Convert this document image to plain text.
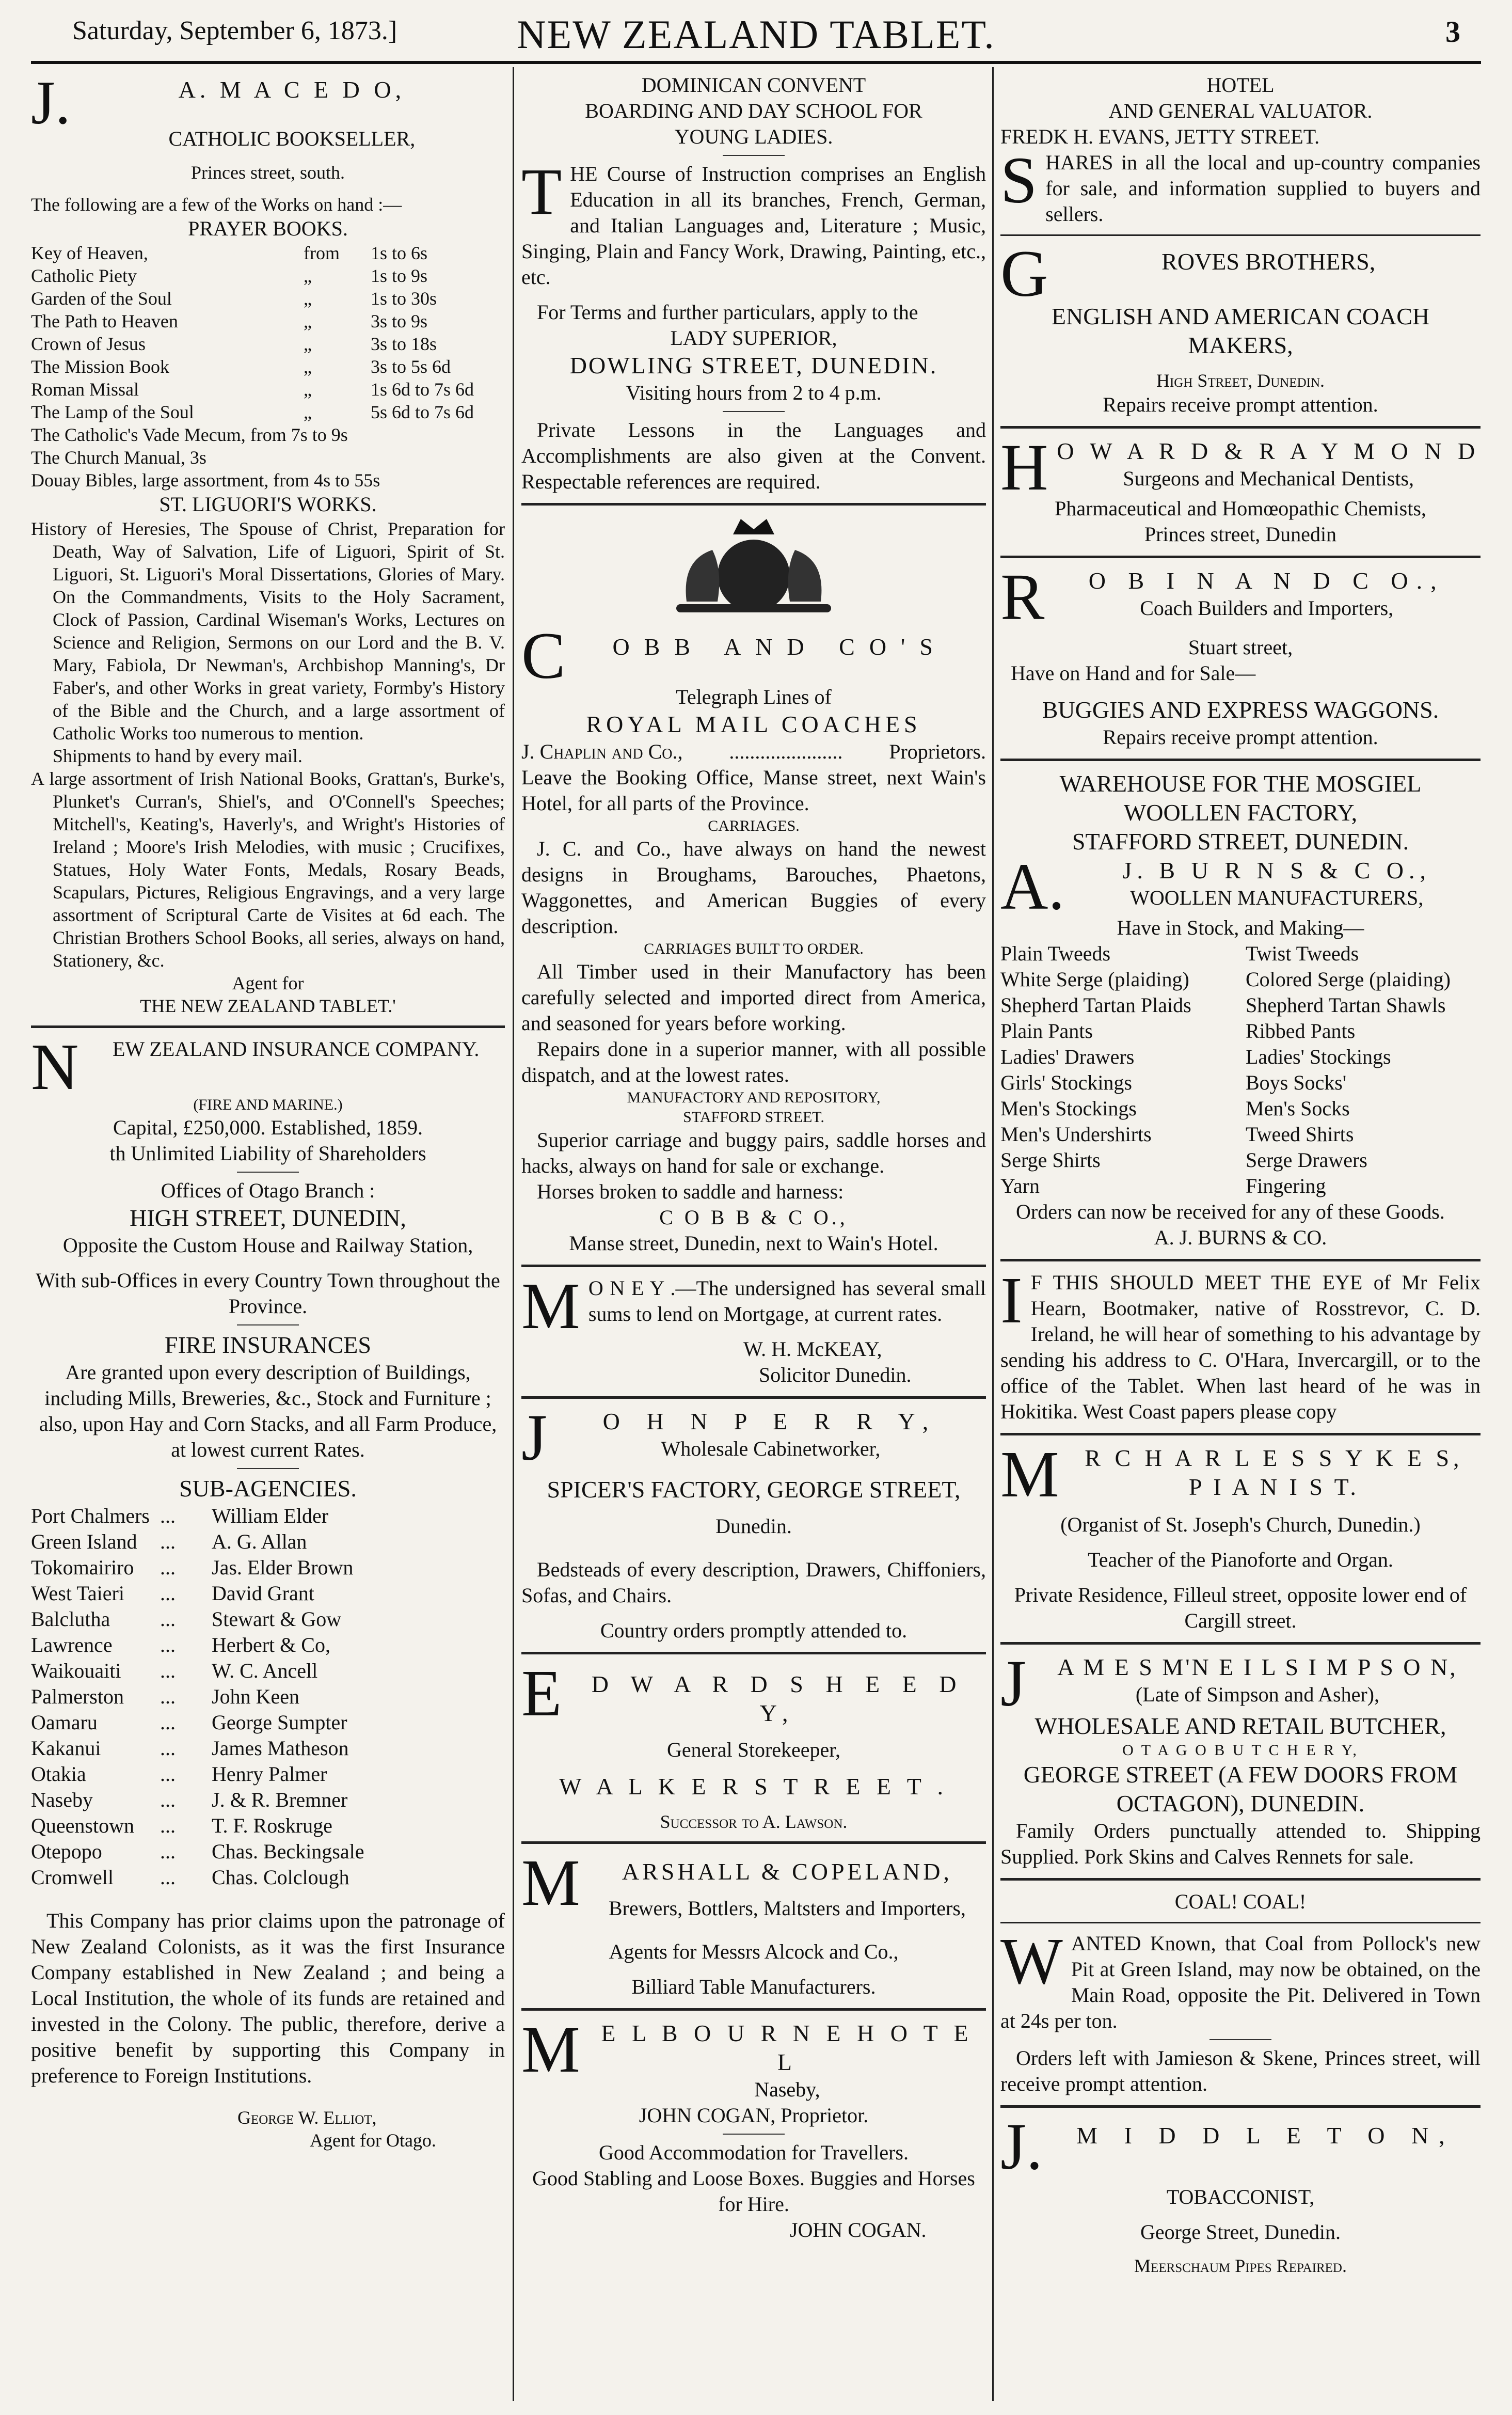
Saturday, September 6, 1873.]	NEW ZEALAND TABLET.	3
J.	A. M A C E D O,
CATHOLIC BOOKSELLER,
Princes street, south.

The following are a few of the Works on hand :—

PRAYER BOOKS.
Key of Heaven,	from	1s to 6s
Catholic Piety	„	1s to 9s
Garden of the Soul	„	1s to 30s
The Path to Heaven	„	3s to 9s
Crown of Jesus	„	3s to 18s
The Mission Book	„	3s to 5s 6d
Roman Missal	„	1s 6d to 7s 6d
The Lamp of the Soul	„	5s 6d to 7s 6d

The Catholic's Vade Mecum, from 7s to 9s

The Church Manual, 3s

Douay Bibles, large assortment, from 4s to 55s

ST. LIGUORI'S WORKS.

History of Heresies, The Spouse of Christ, Preparation for Death, Way of Salvation, Life of Liguori, Spirit of St. Liguori, St. Liguori's Moral Dissertations, Glories of Mary. On the Commandments, Visits to the Holy Sacrament, Clock of Passion, Cardinal Wiseman's Works, Lectures on Science and Religion, Sermons on our Lord and the B. V. Mary, Fabiola, Dr Newman's, Archbishop Manning's, Dr Faber's, and other Works in great variety, Formby's History of the Bible and the Church, and a large assortment of Catholic Works too numerous to mention.

Shipments to hand by every mail.

A large assortment of Irish National Books, Grattan's, Burke's, Plunket's Curran's, Shiel's, and O'Connell's Speeches; Mitchell's, Keating's, Haverly's, and Wright's Histories of Ireland ; Moore's Irish Melodies, with music ; Crucifixes, Statues, Holy Water Fonts, Medals, Rosary Beads, Scapulars, Pictures, Religious Engravings, and a very large assortment of Scriptural Carte de Visites at 6d each. The Christian Brothers School Books, all series, always on hand, Stationery, &c.

Agent for
THE NEW ZEALAND TABLET.'
N	EW ZEALAND INSURANCE COMPANY.
(FIRE AND MARINE.)
Capital, £250,000. Established, 1859.
th Unlimited Liability of Shareholders
Offices of Otago Branch :
HIGH STREET, DUNEDIN,
Opposite the Custom House and Railway Station,
With sub-Offices in every Country Town throughout the Province.
FIRE INSURANCES
Are granted upon every description of Buildings, including Mills, Breweries, &c., Stock and Furniture ; also, upon Hay and Corn Stacks, and all Farm Produce, at lowest current Rates.
SUB-AGENCIES.
Port Chalmers ...	William Elder
Green Island	...	A. G. Allan
Tokomairiro	...	Jas. Elder Brown
West Taieri	...	David Grant
Balclutha	...	Stewart & Gow
Lawrence	...	Herbert & Co,
Waikouaiti	...	W. C. Ancell
Palmerston	...	John Keen
Oamaru	...	George Sumpter
Kakanui	...	James Matheson
Otakia	...	Henry Palmer
Naseby	...	J. & R. Bremner
Queenstown	...	T. F. Roskruge
Otepopo	...	Chas. Beckingsale
Cromwell	...	Chas. Colclough

This Company has prior claims upon the patronage of New Zealand Colonists, as it was the first Insurance Company established in New Zealand ; and being a Local Institution, the whole of its funds are retained and invested in the Colony. The public, therefore, derive a positive benefit by supporting this Company in preference to Foreign Institutions.

George W. Elliot,
Agent for Otago.
DOMINICAN CONVENT
BOARDING AND DAY SCHOOL FOR
YOUNG LADIES.

THE Course of Instruction comprises an English Education in all its branches, French, German, and Italian Languages and, Literature ; Music, Singing, Plain and Fancy Work, Drawing, Painting, etc., etc.

For Terms and further particulars, apply to the

LADY SUPERIOR,
DOWLING STREET, DUNEDIN.
Visiting hours from 2 to 4 p.m.

Private Lessons in the Languages and Accomplishments are also given at the Convent. Respectable references are required.

C	OBB AND CO'S
Telegraph Lines of
ROYAL MAIL COACHES
J. Chaplin and Co., ...................... Proprietors.

Leave the Booking Office, Manse street, next Wain's Hotel, for all parts of the Province.

CARRIAGES.

J. C. and Co., have always on hand the newest designs in Broughams, Barouches, Phaetons, Waggonettes, and American Buggies of every description.

CARRIAGES BUILT TO ORDER.

All Timber used in their Manufactory has been carefully selected and imported direct from America, and seasoned for years before working.

Repairs done in a superior manner, with all possible dispatch, and at the lowest rates.

MANUFACTORY AND REPOSITORY,
STAFFORD STREET.

Superior carriage and buggy pairs, saddle horses and hacks, always on hand for sale or exchange.

Horses broken to saddle and harness:

C O B B & C O.,
Manse street, Dunedin, next to Wain's Hotel.

M O N E Y .—The undersigned has several small sums to lend on Mortgage, at current rates.

W. H. McKEAY,
Solicitor Dunedin.
J	O H N P E R R Y,
Wholesale Cabinetworker,
SPICER'S FACTORY, GEORGE STREET,
Dunedin.

Bedsteads of every description, Drawers, Chiffoniers, Sofas, and Chairs.

Country orders promptly attended to.
E	D W A R D S H E E D Y,
General Storekeeper,
W A L K E R S T R E E T .
Successor to A. Lawson.
M	ARSHALL & COPELAND,
Brewers, Bottlers, Maltsters and Importers,
Agents for Messrs Alcock and Co.,
Billiard Table Manufacturers.
M E L B O U R N E H O T E L
Naseby,
JOHN COGAN, Proprietor.
Good Accommodation for Travellers.
Good Stabling and Loose Boxes. Buggies and Horses for Hire.
JOHN COGAN.
HOTEL
AND GENERAL VALUATOR.
FREDK H. EVANS, JETTY STREET.

SHARES in all the local and up-country companies for sale, and information supplied to buyers and sellers.

G	ROVES BROTHERS,
ENGLISH AND AMERICAN COACH MAKERS,
High Street, Dunedin.
Repairs receive prompt attention.
H O W A R D & R A Y M O N D
Surgeons and Mechanical Dentists,
Pharmaceutical and Homœopathic Chemists,
Princes street, Dunedin
R	O B I N A N D C O.,
Coach Builders and Importers,
Stuart street,
Have on Hand and for Sale—
BUGGIES AND EXPRESS WAGGONS.
Repairs receive prompt attention.
WAREHOUSE FOR THE MOSGIEL
WOOLLEN FACTORY,
STAFFORD STREET, DUNEDIN.
A.	J. B U R N S & C O.,
WOOLLEN MANUFACTURERS,
Have in Stock, and Making—
Plain Tweeds	Twist Tweeds
White Serge (plaiding)	Colored Serge (plaiding)
Shepherd Tartan Plaids	Shepherd Tartan Shawls
Plain Pants	Ribbed Pants
Ladies' Drawers	Ladies' Stockings
Girls' Stockings	Boys Socks'
Men's Stockings	Men's Socks
Men's Undershirts	Tweed Shirts
Serge Shirts	Serge Drawers
Yarn	Fingering

Orders can now be received for any of these Goods.

A. J. BURNS & CO.

I F THIS SHOULD MEET THE EYE of Mr Felix Hearn, Bootmaker, native of Rosstrevor, C. D. Ireland, he will hear of something to his advantage by sending his address to C. O'Hara, Invercargill, or to the office of the Tablet. When last heard of he was in Hokitika. West Coast papers please copy

M	R C H A R L E S S Y K E S,
P I A N I S T.
(Organist of St. Joseph's Church, Dunedin.)
Teacher of the Pianoforte and Organ.
Private Residence, Filleul street, opposite lower end of Cargill street.
J	A M E S M'N E I L S I M P S O N,
(Late of Simpson and Asher),
WHOLESALE AND RETAIL BUTCHER,
O T A G O B U T C H E R Y,
GEORGE STREET (A FEW DOORS FROM OCTAGON), DUNEDIN.

Family Orders punctually attended to. Shipping Supplied. Pork Skins and Calves Rennets for sale.

COAL! COAL!

WANTED Known, that Coal from Pollock's new Pit at Green Island, may now be obtained, on the Main Road, opposite the Pit. Delivered in Town at 24s per ton.

Orders left with Jamieson & Skene, Princes street, will receive prompt attention.

J.	M I D D L E T O N,
TOBACCONIST,
George Street, Dunedin.
Meerschaum Pipes Repaired.
